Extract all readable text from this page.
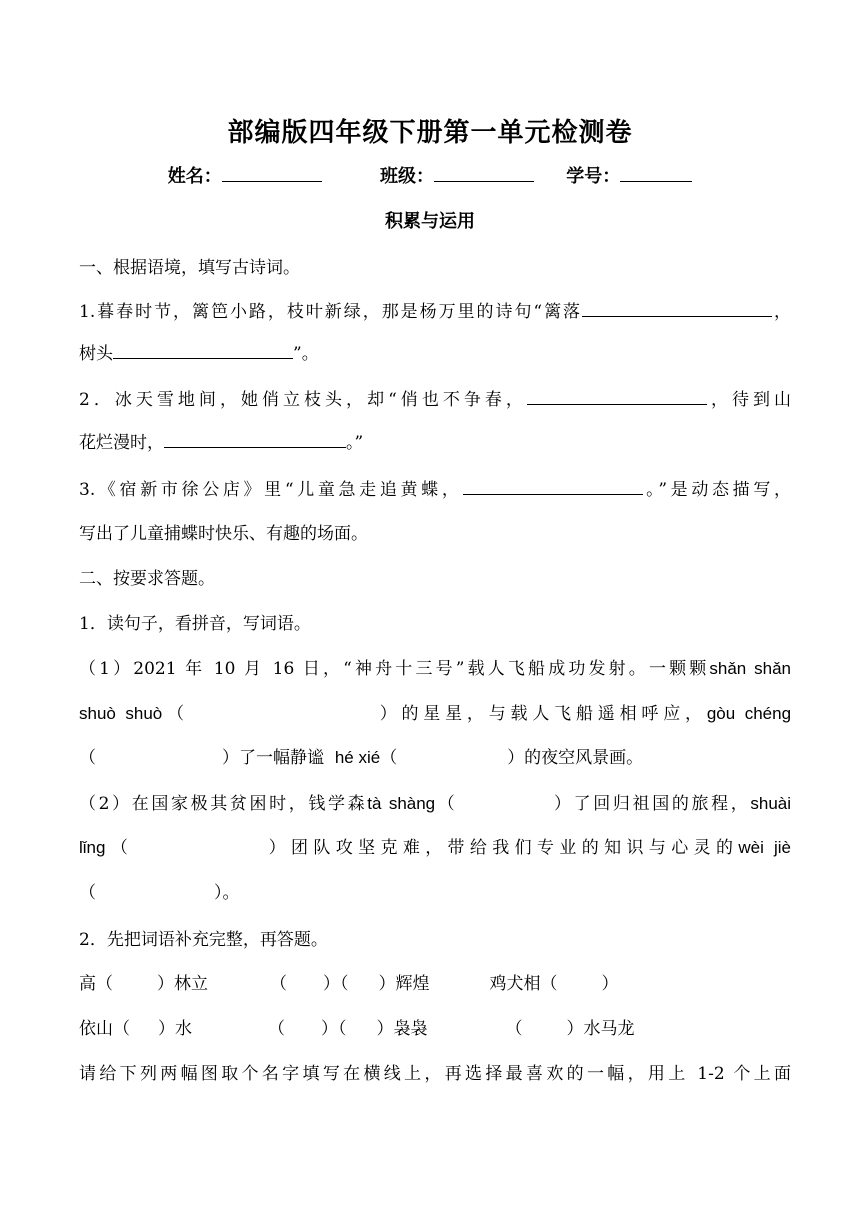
部编版四年级下册第一单元检测卷
姓名：	班级：	学号：
积累与运用
一、根据语境，填写古诗词。
1.暮春时节，篱笆小路，枝叶新绿，那是杨万里的诗句“篱落	，
树头	”。
2．冰天雪地间，她俏立枝头，却“俏也不争春，	，待到山
花烂漫时，	。”
3.《宿新市徐公店》里“儿童急走追黄蝶，	。”是动态描写，
写出了儿童捕蝶时快乐、有趣的场面。
二、按要求答题。
1．读句子，看拼音，写词语。
（1）2021 年 10 月 16 日，“神舟十三号”载人飞船成功发射。一颗颗shǎn shǎn
shuò shuò（	）的星星，与载人飞船遥相呼应，gòu chéng
（	）了一幅静谧 hé xié（	）的夜空风景画。
（2）在国家极其贫困时，钱学森tà shàng（	）了回归祖国的旅程，shuài
lǐng（	）团队攻坚克难，带给我们专业的知识与心灵的wèi jiè
（	）。
2．先把词语补充完整，再答题。
高（	）林立	（ ）（ ）辉煌	鸡犬相（	）
依山（ ）水	（ ）（ ）袅袅	（	）水马龙
请给下列两幅图取个名字填写在横线上，再选择最喜欢的一幅，用上 1-2 个上面
